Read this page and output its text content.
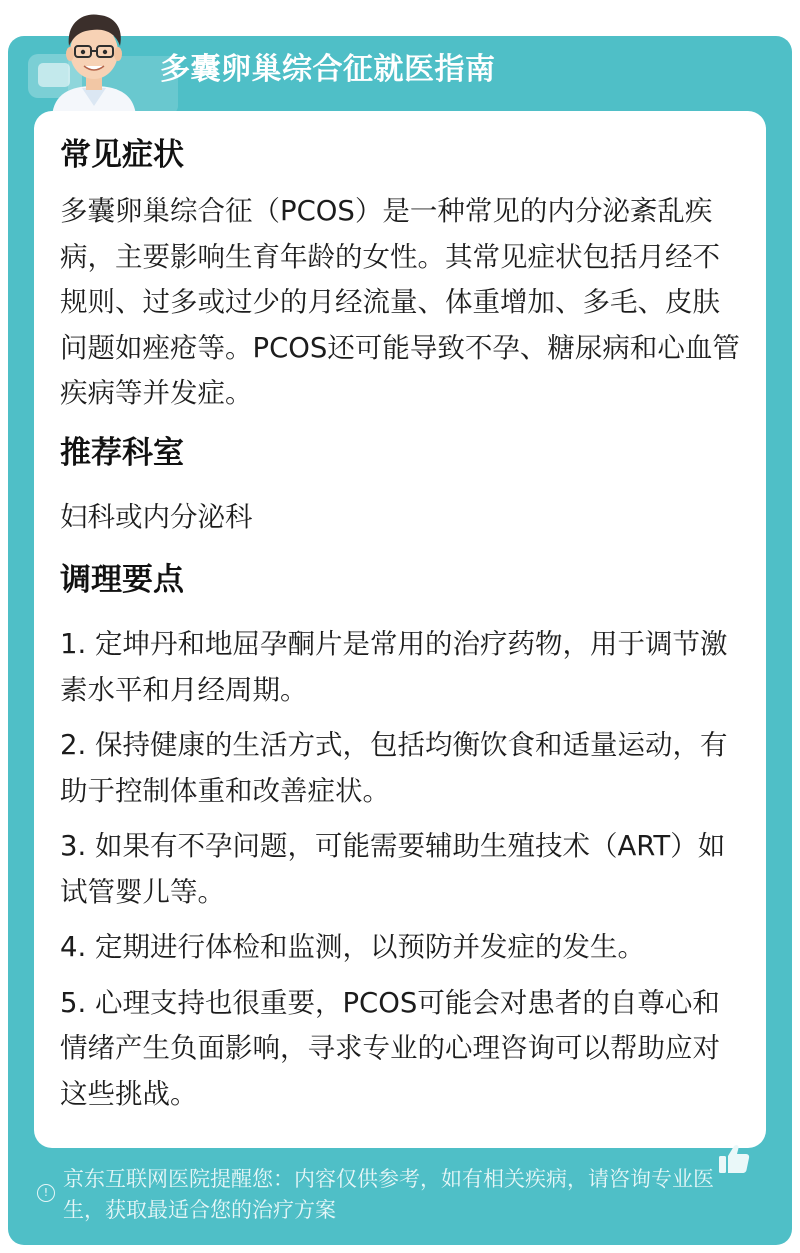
多囊卵巢综合征就医指南
常见症状
多囊卵巢综合征（PCOS）是一种常见的内分泌紊乱疾病，主要影响生育年龄的女性。其常见症状包括月经不规则、过多或过少的月经流量、体重增加、多毛、皮肤问题如痤疮等。PCOS还可能导致不孕、糖尿病和心血管疾病等并发症。
推荐科室
妇科或内分泌科
调理要点
1. 定坤丹和地屈孕酮片是常用的治疗药物，用于调节激素水平和月经周期。
2. 保持健康的生活方式，包括均衡饮食和适量运动，有助于控制体重和改善症状。
3. 如果有不孕问题，可能需要辅助生殖技术（ART）如试管婴儿等。
4. 定期进行体检和监测，以预防并发症的发生。
5. 心理支持也很重要，PCOS可能会对患者的自尊心和情绪产生负面影响，寻求专业的心理咨询可以帮助应对这些挑战。
!
京东互联网医院提醒您：内容仅供参考，如有相关疾病，请咨询专业医生，获取最适合您的治疗方案
